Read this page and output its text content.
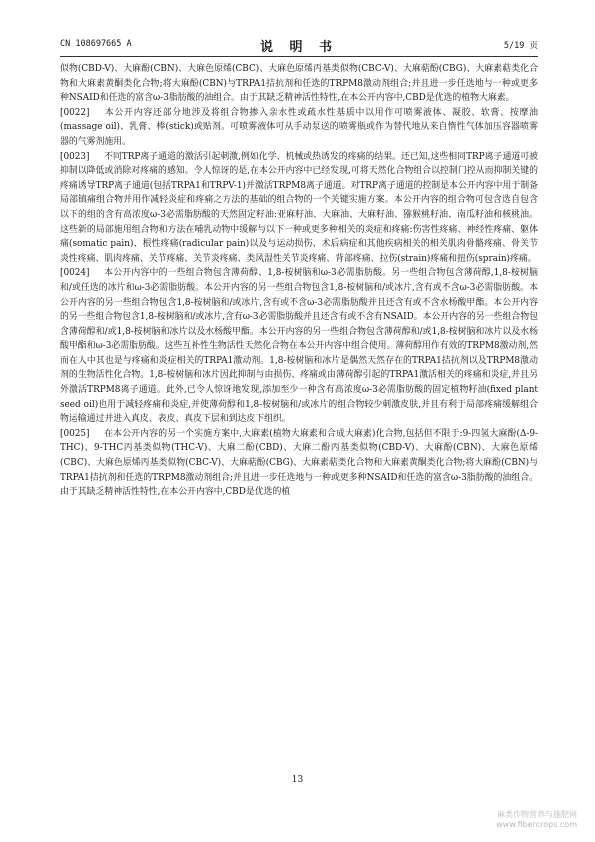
CN 108697665 A	说 明 书	5/19 页

似物(CBD-V)、大麻酚(CBN)、大麻色原烯(CBC)、大麻色原烯丙基类似物(CBC-V)、大麻萜酚(CBG)、大麻素萜类化合物和大麻素黄酮类化合物;将大麻酚(CBN)与TRPA1拮抗剂和任选的TRPM8激动剂组合;并且进一步任选地与一种或更多种NSAID和任选的富含ω-3脂肪酸的油组合。由于其缺乏精神活性特性,在本公开内容中,CBD是优选的植物大麻素。

[0022] 本公开内容还部分地涉及将组合物掺入亲水性或疏水性基质中以用作可喷雾液体、凝胶、软膏、按摩油(massage oil)、乳膏、棒(stick)或贴剂。可喷雾液体可从手动泵送的喷雾瓶或作为替代地从来自惰性气体加压容器喷雾器的气雾剂施用。

[0023] 不同TRP离子通道的激活引起刺激,例如化学、机械或热诱发的疼痛的结果。还已知,这些相同TRP离子通道可被抑制以降低或消除对疼痛的感知。令人惊讶的是,在本公开内容中已经发现,可将天然化合物组合以控制门控从而抑制关键的疼痛诱导TRP离子通道(包括TRPA1和TRPV-1)并激活TRPM8离子通道。对TRP离子通道的控制是本公开内容中用于制备局部镇痛组合物并用作减轻炎症和疼痛之方法的基础的组合物的一个关键实施方案。本公开内容的组合物可包含选自包含以下的组的含有高浓度ω-3必需脂肪酸的天然固定籽油:亚麻籽油、大麻油、大麻籽油、猕猴桃籽油、南瓜籽油和核桃油。这些新的局部施用组合物和方法在哺乳动物中缓解与以下一种或更多种相关的炎症和疼痛:伤害性疼痛、神经性疼痛、躯体痛(somatic pain)、根性疼痛(radicular pain)以及与运动损伤、术后病症和其他疾病相关的相关肌肉骨骼疼痛、骨关节炎性疼痛、肌肉疼痛、关节疼痛、关节炎疼痛、类风湿性关节炎疼痛、背部疼痛、拉伤(strain)疼痛和扭伤(sprain)疼痛。

[0024] 本公开内容中的一些组合物包含薄荷醇、1,8-桉树脑和ω-3必需脂肪酸。另一些组合物包含薄荷醇,1,8-桉树脑和/或任选的冰片和ω-3必需脂肪酸。本公开内容的另一些组合物包含1,8-桉树脑和/或冰片,含有或不含ω-3必需脂肪酸。本公开内容的另一些组合物包含1,8-桉树脑和/或冰片,含有或不含ω-3必需脂肪酸并且还含有或不含水杨酸甲酯。本公开内容的另一些组合物包含1,8-桉树脑和/或冰片,含有ω-3必需脂肪酸并且还含有或不含有NSAID。本公开内容的另一些组合物包含薄荷醇和/或1,8-桉树脑和冰片以及水杨酸甲酯。本公开内容的另一些组合物包含薄荷醇和/或1,8-桉树脑和冰片以及水杨酸甲酯和ω-3必需脂肪酸。这些互补性生物活性天然化合物在本公开内容中组合使用。薄荷醇用作有效的TRPM8激动剂,然而在人中其也是与疼痛和炎症相关的TRPA1激动剂。1,8-桉树脑和冰片是偶然天然存在的TRPA1拮抗剂以及TRPM8激动剂的生物活性化合物。1,8-桉树脑和冰片因此抑制与由损伤、疼痛或由薄荷醇引起的TRPA1激活相关的疼痛和炎症,并且另外激活TRPM8离子通道。此外,已令人惊讶地发现,添加至少一种含有高浓度ω-3必需脂肪酸的固定植物籽油(fixed plant seed oil)也用于减轻疼痛和炎症,并使薄荷醇和1,8-桉树脑和/或冰片的组合物较少刺激皮肤,并且有利于局部疼痛缓解组合物运输通过并进入真皮、表皮、真皮下层和到达皮下组织。

[0025] 在本公开内容的另一个实施方案中,大麻素(植物大麻素和合成大麻素)化合物,包括但不限于:9-四氢大麻酚(Δ-9-THC)、9-THC丙基类似物(THC-V)、大麻二酚(CBD)、大麻二酚丙基类似物(CBD-V)、大麻酚(CBN)、大麻色原烯(CBC)、大麻色原烯丙基类似物(CBC-V)、大麻萜酚(CBG)、大麻素萜类化合物和大麻素黄酮类化合物;将大麻酚(CBN)与TRPA1拮抗剂和任选的TRPM8激动剂组合;并且进一步任选地与一种或更多种NSAID和任选的富含ω-3脂肪酸的油组合。由于其缺乏精神活性特性,在本公开内容中,CBD是优选的植

13
麻类作物营养与施肥网
www.fibercrops.com
